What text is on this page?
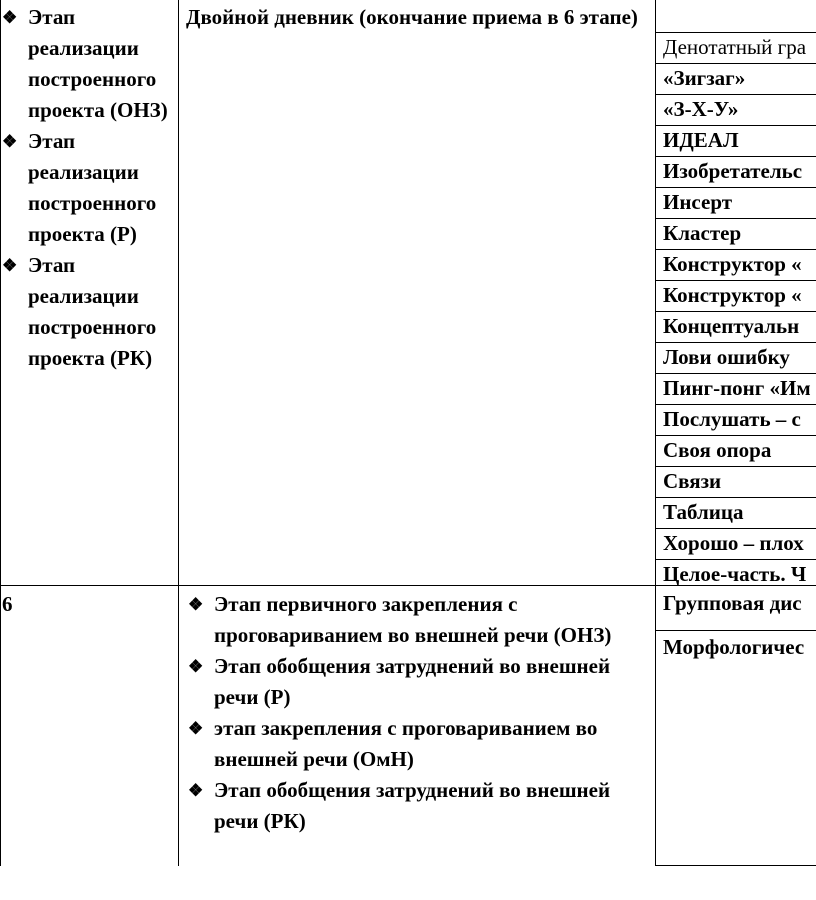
❖ Этап реализации построенного проекта (ОНЗ)
❖ Этап реализации построенного проекта (Р)
❖ Этап реализации построенного проекта (РК)
Двойной дневник (окончание приема в 6 этапе)
Денотатный гра
«Зигзаг»
«З-Х-У»
ИДЕАЛ
Изобретательс
Инсерт
Кластер
Конструктор «
Конструктор «
Концептуальн
Лови ошибку
Пинг-понг «Им
Послушать – с
Своя опора
Связи
Таблица
Хорошо – плох
Целое-часть. Ч
6	❖ Этап первичного закрепления с проговариванием во внешней речи (ОНЗ)
❖ Этап обобщения затруднений во внешней речи (Р)
❖ этап закрепления с проговариванием во внешней речи (ОмН)
❖ Этап обобщения затруднений во внешней речи (РК)
Групповая дис
Морфологичес
